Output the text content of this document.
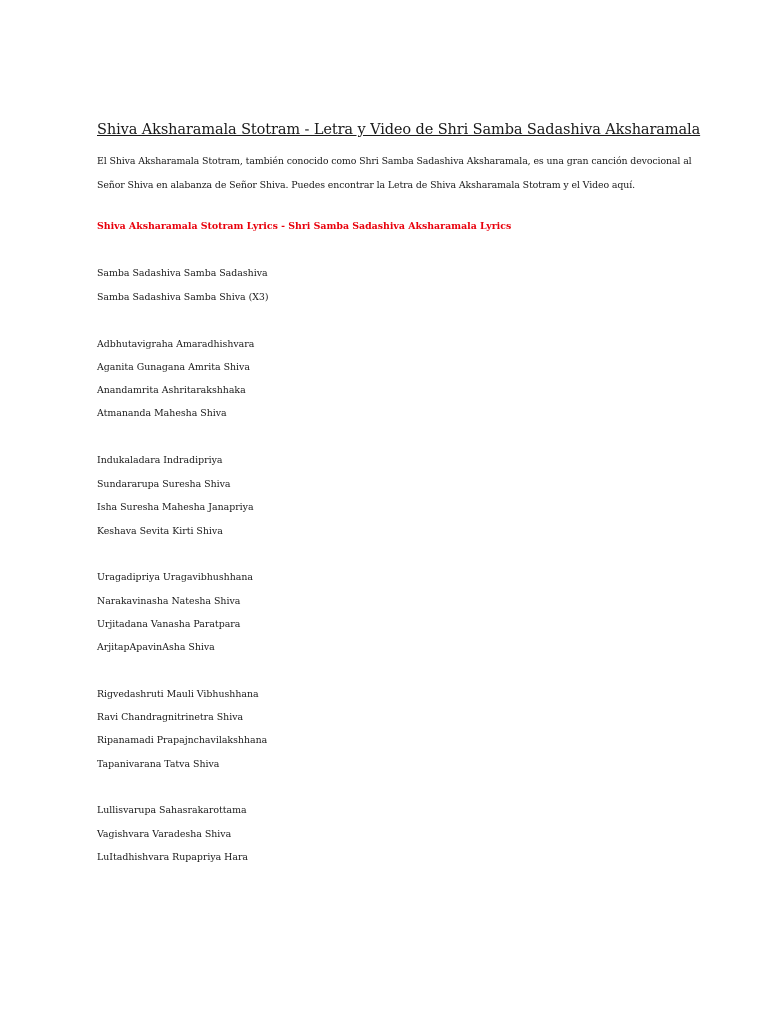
Shiva Aksharamala Stotram - Letra y Video de Shri Samba Sadashiva Aksharamala
El Shiva Aksharamala Stotram, también conocido como Shri Samba Sadashiva Aksharamala, es una gran canción devocional al Señor Shiva en alabanza de Señor Shiva. Puedes encontrar la Letra de Shiva Aksharamala Stotram y el Video aquí.
Shiva Aksharamala Stotram Lyrics - Shri Samba Sadashiva Aksharamala Lyrics
Samba Sadashiva Samba Sadashiva
Samba Sadashiva Samba Shiva (X3)
Adbhutavigraha Amaradhishvara
Aganita Gunagana Amrita Shiva
Anandamrita Ashritarakshhaka
Atmananda Mahesha Shiva
Indukaladara Indradipriya
Sundararupa Suresha Shiva
Isha Suresha Mahesha Janapriya
Keshava Sevita Kirti Shiva
Uragadipriya Uragavibhushhana
Narakavinasha Natesha Shiva
Urjitadana Vanasha Paratpara
ArjitapApavinAsha Shiva
Rigvedashruti Mauli Vibhushhana
Ravi Chandragnitrinetra Shiva
Ripanamadi Prapajnchavilakshhana
Tapanivarana Tatva Shiva
Lullisvarupa Sahasrakarottama
Vagishvara Varadesha Shiva
LuItadhishvara Rupapriya Hara
